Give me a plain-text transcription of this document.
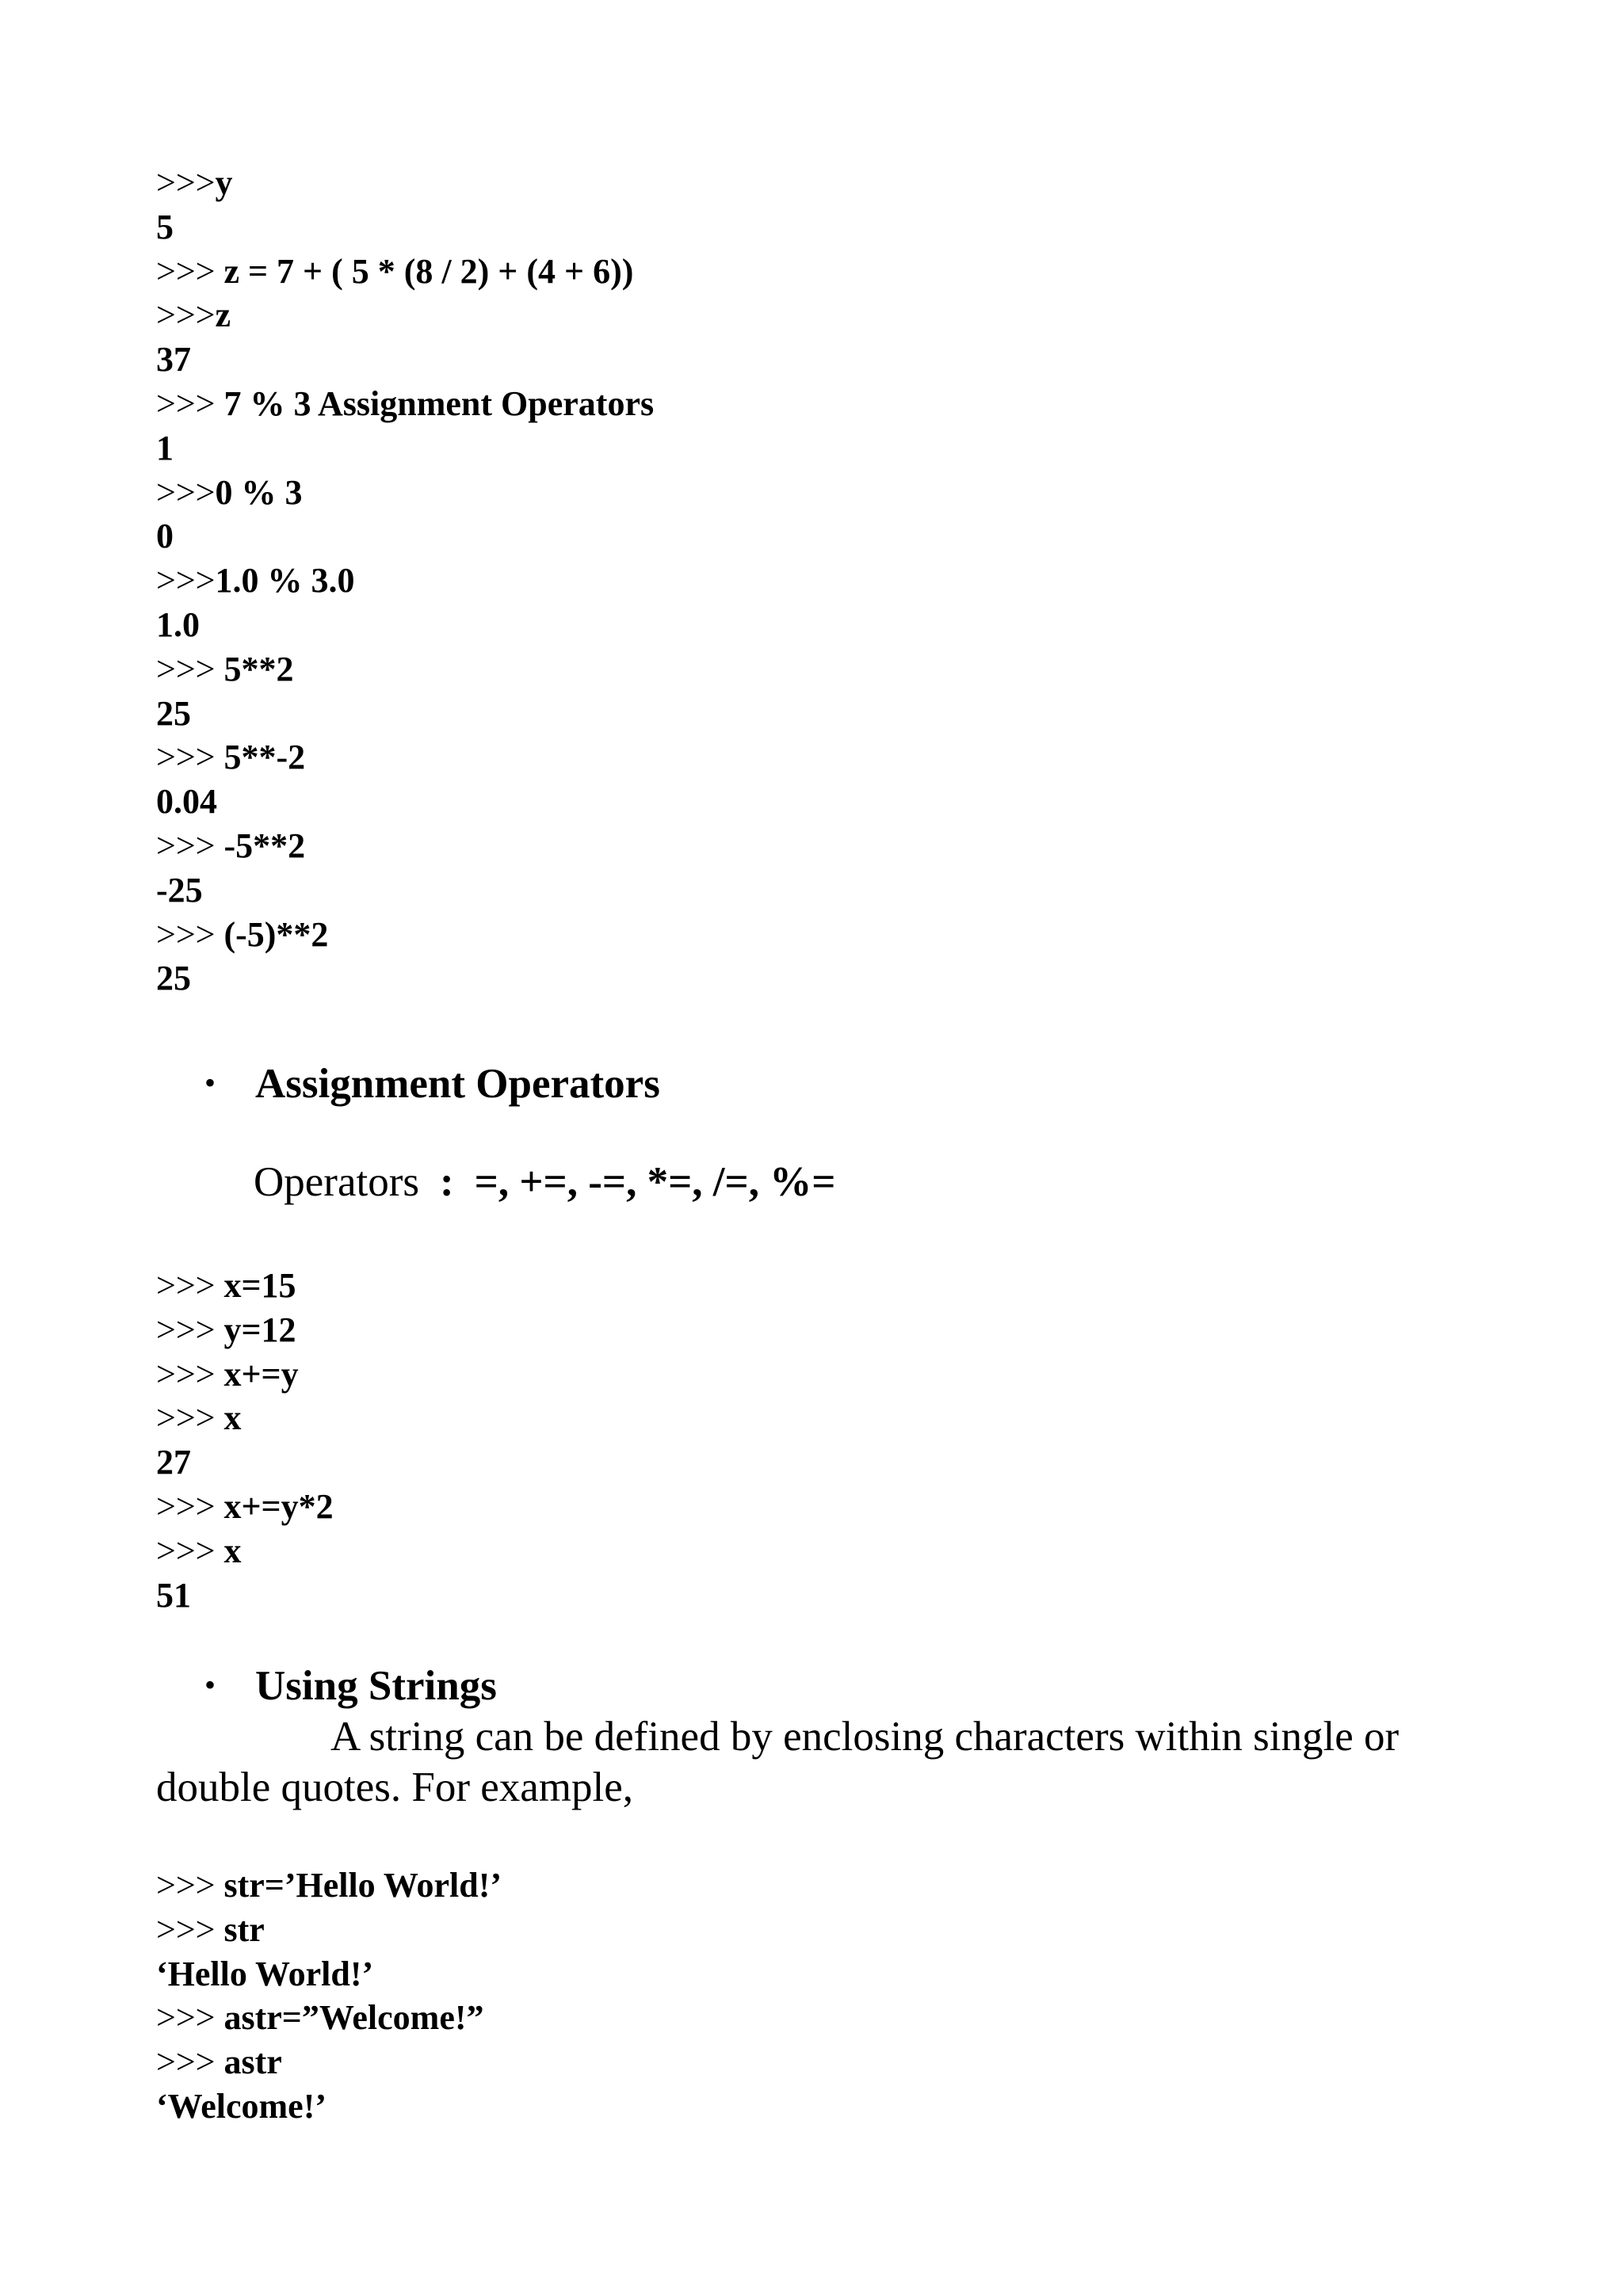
>>>y
5
>>> z = 7 + ( 5 * (8 / 2) + (4 + 6))
>>>z
37
>>> 7 % 3 Assignment Operators
1
>>>0 % 3
0
>>>1.0 % 3.0
1.0
>>> 5**2
25
>>> 5**-2
0.04
>>> -5**2
-25
>>> (-5)**2
25
• Assignment Operators
Operators : =, +=, -=, *=, /=, %=
>>> x=15
>>> y=12
>>> x+=y
>>> x
27
>>> x+=y*2
>>> x
51
• Using Strings

A string can be defined by enclosing characters within single or double quotes. For example,

>>> str=’Hello World!’
>>> str
‘Hello World!’
>>> astr=”Welcome!”
>>> astr
‘Welcome!’
